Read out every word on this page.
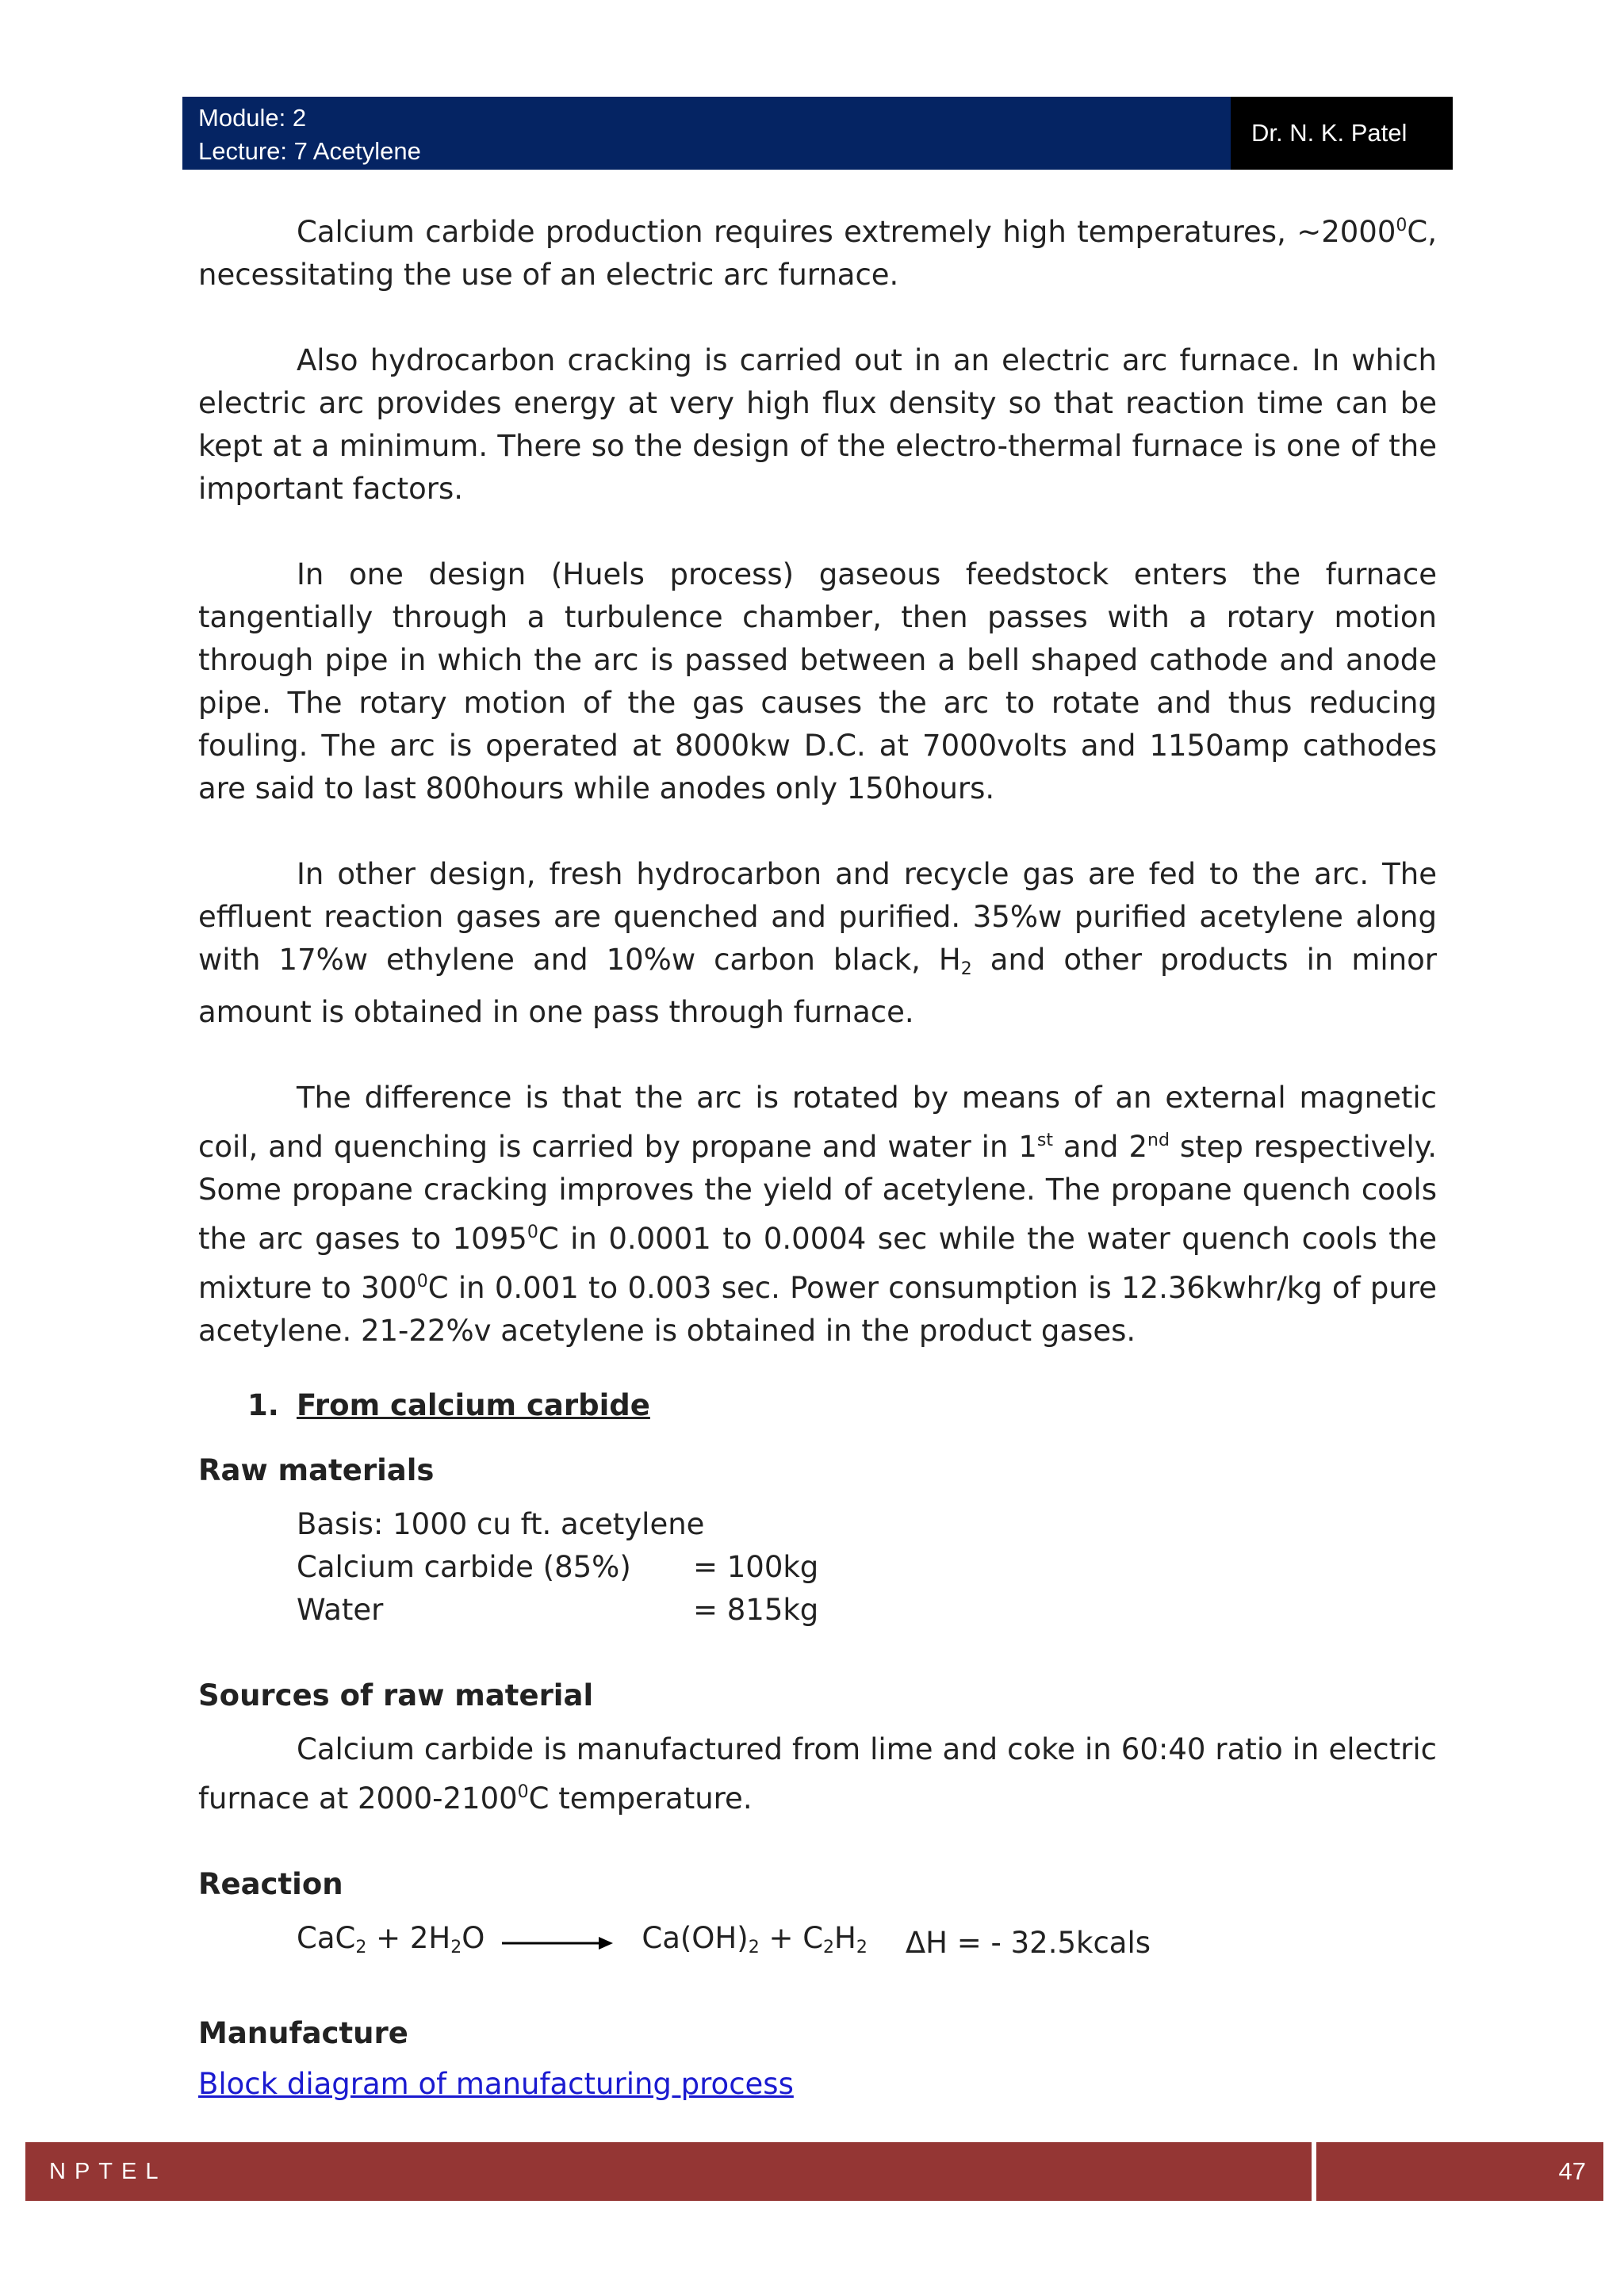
Module: 2
Lecture: 7 Acetylene
Dr. N. K. Patel

Calcium carbide production requires extremely high temperatures, ~2000$^0$C, necessitating the use of an electric arc furnace.

Also hydrocarbon cracking is carried out in an electric arc furnace. In which electric arc provides energy at very high flux density so that reaction time can be kept at a minimum. There so the design of the electro-thermal furnace is one of the important factors.

In one design (Huels process) gaseous feedstock enters the furnace tangentially through a turbulence chamber, then passes with a rotary motion through pipe in which the arc is passed between a bell shaped cathode and anode pipe. The rotary motion of the gas causes the arc to rotate and thus reducing fouling. The arc is operated at 8000kw D.C. at 7000volts and 1150amp cathodes are said to last 800hours while anodes only 150hours.

In other design, fresh hydrocarbon and recycle gas are fed to the arc. The effluent reaction gases are quenched and purified. 35%w purified acetylene along with 17%w ethylene and 10%w carbon black, $H_2$ and other products in minor amount is obtained in one pass through furnace.

The difference is that the arc is rotated by means of an external magnetic coil, and quenching is carried by propane and water in 1st and 2nd step respectively. Some propane cracking improves the yield of acetylene. The propane quench cools the arc gases to 1095$^0$C in 0.0001 to 0.0004 sec while the water quench cools the mixture to $300^0C$ in 0.001 to 0.003 sec. Power consumption is 12.36kwhr/kg of pure acetylene. 21-22%v acetylene is obtained in the product gases.

1. From calcium carbide
Raw materials
Basis: 1000 cu ft. acetylene
Calcium carbide (85%)	= 100kg
Water	= 815kg
Sources of raw material

Calcium carbide is manufactured from lime and coke in 60:40 ratio in electric furnace at 2000-2100$^0$C temperature.

Reaction
$CaC_2 + 2H_2O \to Ca(OH)_2 + C_2H_2$ ΔH = - 32.5kcals
Manufacture
Block diagram of manufacturing process
NPTEL	47
